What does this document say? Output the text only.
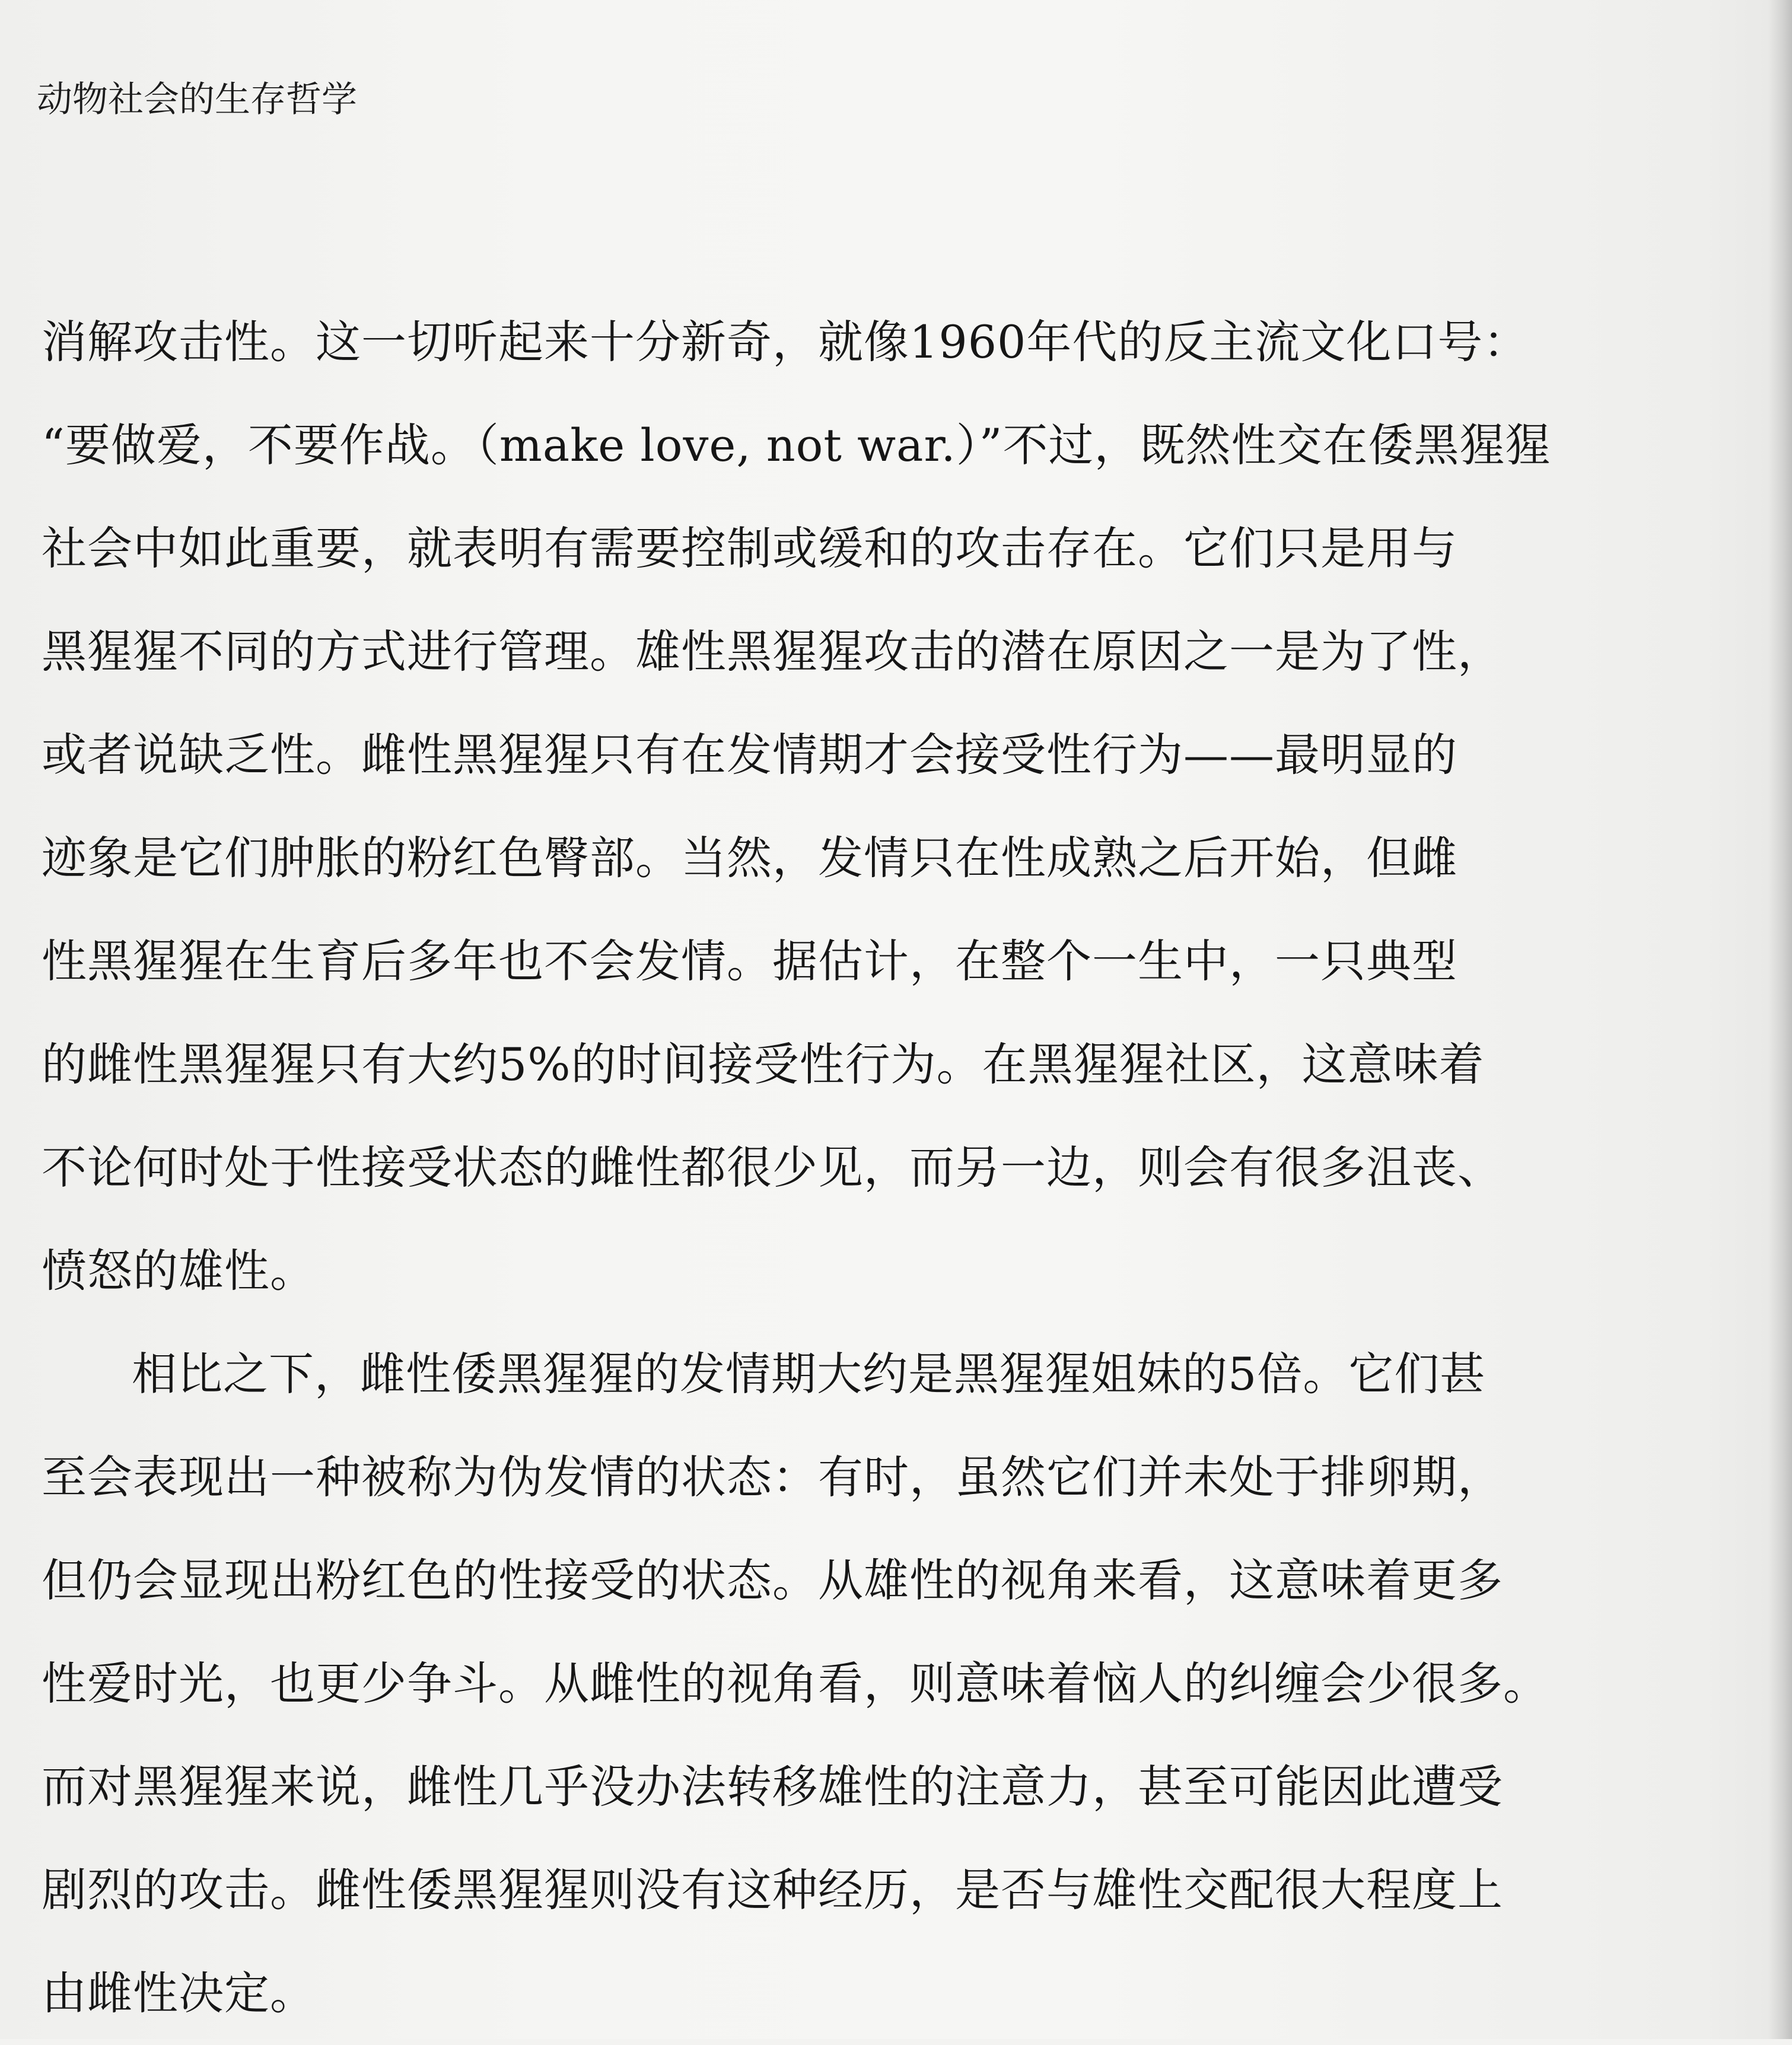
动物社会的生存哲学
消解攻击性。这一切听起来十分新奇，就像1960年代的反主流文化口号：
“要做爱，不要作战。（make love, not war.）”不过，既然性交在倭黑猩猩
社会中如此重要，就表明有需要控制或缓和的攻击存在。它们只是用与
黑猩猩不同的方式进行管理。雄性黑猩猩攻击的潜在原因之一是为了性，
或者说缺乏性。雌性黑猩猩只有在发情期才会接受性行为——最明显的
迹象是它们肿胀的粉红色臀部。当然，发情只在性成熟之后开始，但雌
性黑猩猩在生育后多年也不会发情。据估计，在整个一生中，一只典型
的雌性黑猩猩只有大约5%的时间接受性行为。在黑猩猩社区，这意味着
不论何时处于性接受状态的雌性都很少见，而另一边，则会有很多沮丧、
愤怒的雄性。
相比之下，雌性倭黑猩猩的发情期大约是黑猩猩姐妹的5倍。它们甚
至会表现出一种被称为伪发情的状态：有时，虽然它们并未处于排卵期，
但仍会显现出粉红色的性接受的状态。从雄性的视角来看，这意味着更多
性爱时光，也更少争斗。从雌性的视角看，则意味着恼人的纠缠会少很多。
而对黑猩猩来说，雌性几乎没办法转移雄性的注意力，甚至可能因此遭受
剧烈的攻击。雌性倭黑猩猩则没有这种经历，是否与雄性交配很大程度上
由雌性决定。
